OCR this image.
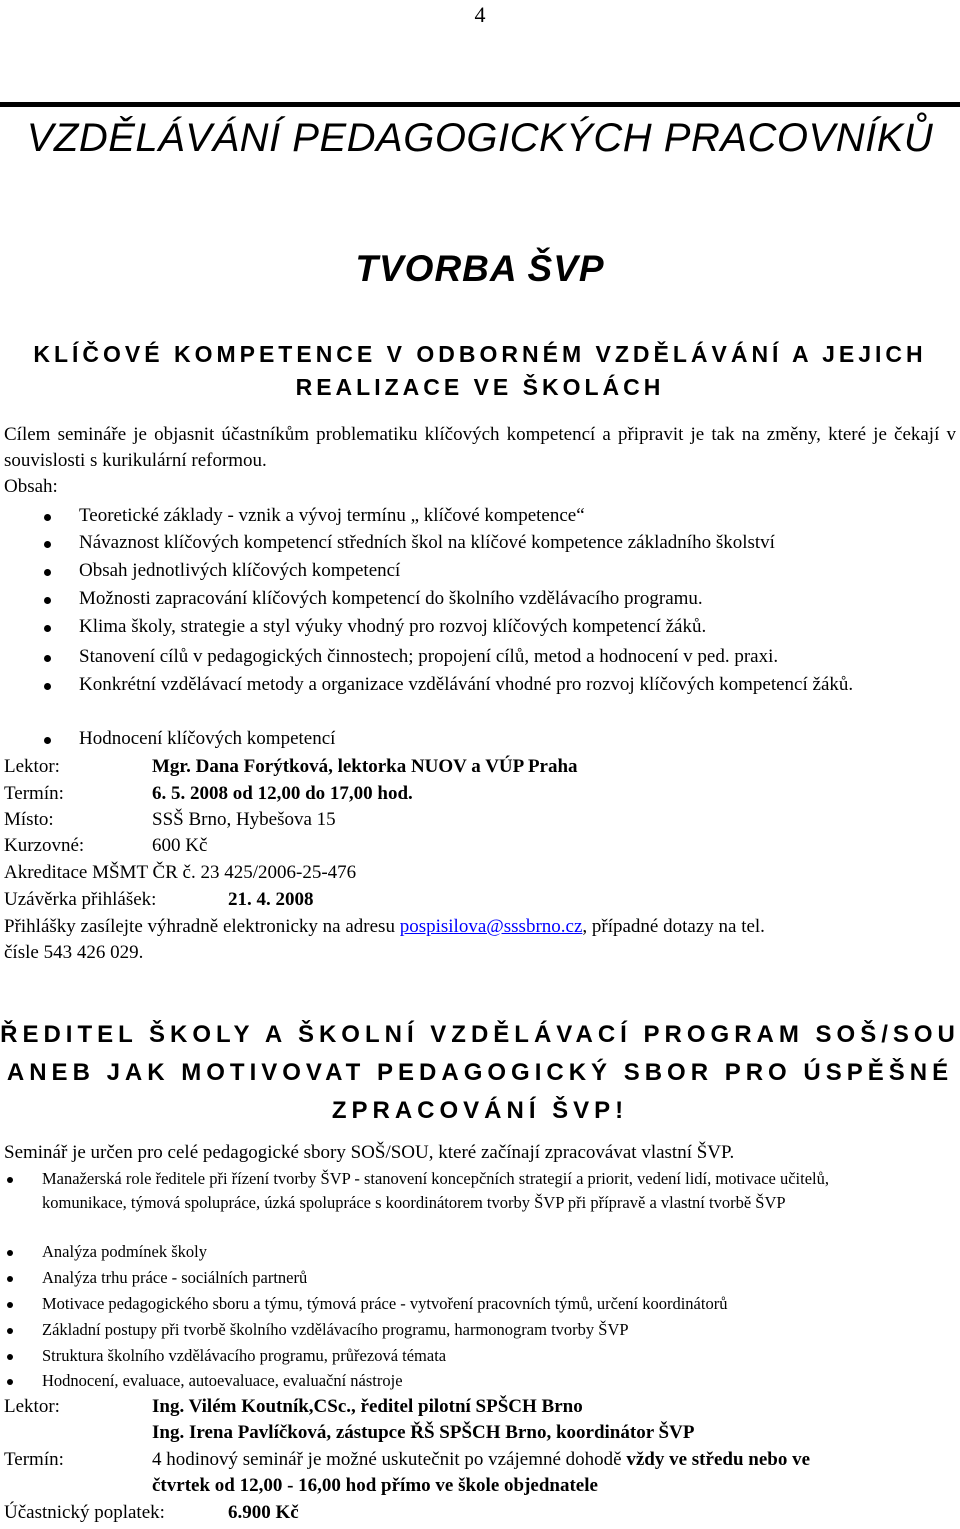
4
VZDĚLÁVÁNÍ PEDAGOGICKÝCH PRACOVNÍKŮ
TVORBA ŠVP
KLÍČOVÉ KOMPETENCE V ODBORNÉM VZDĚLÁVÁNÍ A JEJICH
REALIZACE VE ŠKOLÁCH
Cílem semináře je objasnit účastníkům problematiku klíčových kompetencí a připravit je tak na změny, které je čekají v souvislosti s kurikulární reformou.
Obsah:
Teoretické základy - vznik a vývoj termínu „ klíčové kompetence“
Návaznost klíčových kompetencí středních škol na klíčové kompetence základního školství
Obsah jednotlivých klíčových kompetencí
Možnosti zapracování klíčových kompetencí do školního vzdělávacího programu.
Klima školy, strategie a styl výuky vhodný pro rozvoj klíčových kompetencí žáků.
Stanovení cílů v pedagogických činnostech; propojení cílů, metod a hodnocení v ped. praxi.
Konkrétní vzdělávací metody a organizace vzdělávání vhodné pro rozvoj klíčových kompetencí žáků.
Hodnocení klíčových kompetencí
Lektor:	Mgr. Dana Forýtková, lektorka NUOV a VÚP Praha
Termín:	6. 5. 2008 od 12,00 do 17,00 hod.
Místo:	SSŠ Brno, Hybešova 15
Kurzovné:	600 Kč
Akreditace MŠMT ČR č. 23 425/2006-25-476
Uzávěrka přihlášek:	21. 4. 2008
Přihlášky zasílejte výhradně elektronicky na adresu pospisilova@sssbrno.cz, případné dotazy na tel.
čísle 543 426 029.
ŘEDITEL ŠKOLY A ŠKOLNÍ VZDĚLÁVACÍ PROGRAM SOŠ/SOU
ANEB JAK MOTIVOVAT PEDAGOGICKÝ SBOR PRO ÚSPĚŠNÉ
ZPRACOVÁNÍ ŠVP!
Seminář je určen pro celé pedagogické sbory SOŠ/SOU, které začínají zpracovávat vlastní ŠVP.
Manažerská role ředitele při řízení tvorby ŠVP - stanovení koncepčních strategií a priorit, vedení lidí, motivace učitelů, komunikace, týmová spolupráce, úzká spolupráce s koordinátorem tvorby ŠVP při přípravě a vlastní tvorbě ŠVP
Analýza podmínek školy
Analýza trhu práce - sociálních partnerů
Motivace pedagogického sboru a týmu, týmová práce - vytvoření pracovních týmů, určení koordinátorů
Základní postupy při tvorbě školního vzdělávacího programu, harmonogram tvorby ŠVP
Struktura školního vzdělávacího programu, průřezová témata
Hodnocení, evaluace, autoevaluace, evaluační nástroje
Lektor:	Ing. Vilém Koutník,CSc., ředitel pilotní SPŠCH Brno
Ing. Irena Pavlíčková, zástupce ŘŠ SPŠCH Brno, koordinátor ŠVP
Termín:	4 hodinový seminář je možné uskutečnit po vzájemné dohodě vždy ve středu nebo ve
čtvrtek od 12,00 - 16,00 hod přímo ve škole objednatele
Účastnický poplatek:	6.900 Kč
